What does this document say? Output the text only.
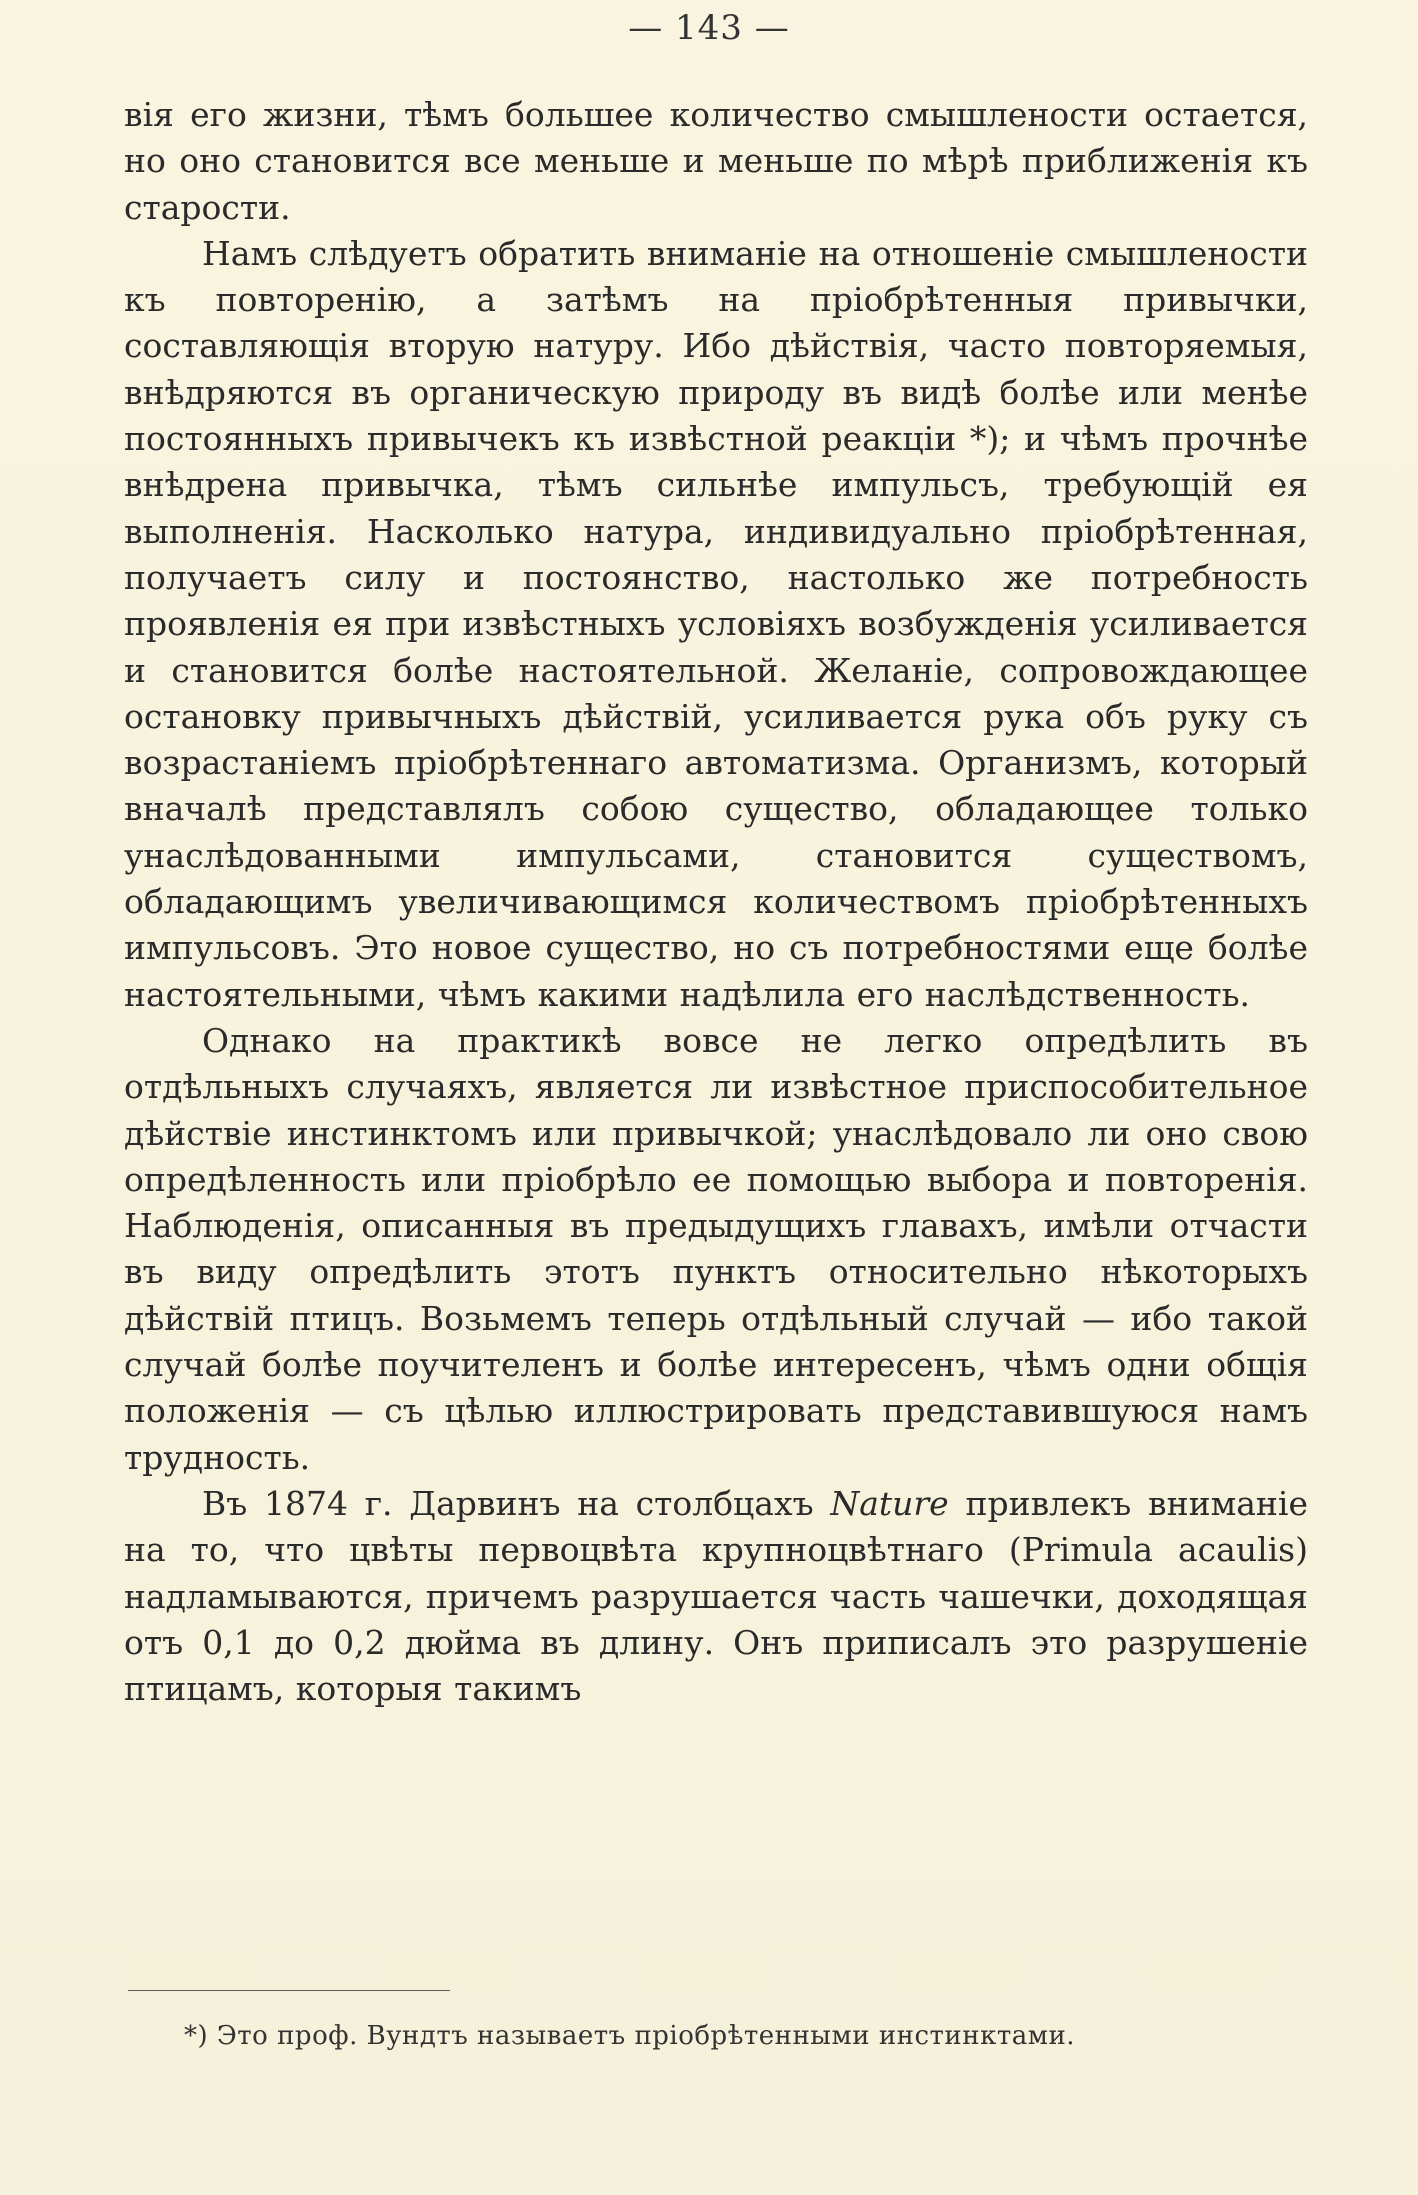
— 143 —

вія его жизни, тѣмъ большее количество смышлености остается, но оно становится все меньше и меньше по мѣрѣ приближенія къ старости.

Намъ слѣдуетъ обратить вниманіе на отношеніе смышлености къ повторенію, а затѣмъ на пріобрѣтенныя привычки, составляющія вторую натуру. Ибо дѣйствія, часто повторяемыя, внѣдряются въ органическую природу въ видѣ болѣе или менѣе постоянныхъ привычекъ къ извѣстной реакціи *); и чѣмъ прочнѣе внѣдрена привычка, тѣмъ сильнѣе импульсъ, требующій ея выполненія. Насколько натура, индивидуально пріобрѣтенная, получаетъ силу и постоянство, настолько же потребность проявленія ея при извѣстныхъ условіяхъ возбужденія усиливается и становится болѣе настоятельной. Желаніе, сопровождающее остановку привычныхъ дѣйствій, усиливается рука объ руку съ возрастаніемъ пріобрѣтеннаго автоматизма. Организмъ, который вначалѣ представлялъ собою существо, обладающее только унаслѣдованными импульсами, становится существомъ, обладающимъ увеличивающимся количествомъ пріобрѣтенныхъ импульсовъ. Это новое существо, но съ потребностями еще болѣе настоятельными, чѣмъ какими надѣлила его наслѣдственность.

Однако на практикѣ вовсе не легко опредѣлить въ отдѣльныхъ случаяхъ, является ли извѣстное приспособительное дѣйствіе инстинктомъ или привычкой; унаслѣдовало ли оно свою опредѣленность или пріобрѣло ее помощью выбора и повторенія. Наблюденія, описанныя въ предыдущихъ главахъ, имѣли отчасти въ виду опредѣлить этотъ пунктъ относительно нѣкоторыхъ дѣйствій птицъ. Возьмемъ теперь отдѣльный случай — ибо такой случай болѣе поучителенъ и болѣе интересенъ, чѣмъ одни общія положенія — съ цѣлью иллюстрировать представившуюся намъ трудность.

Въ 1874 г. Дарвинъ на столбцахъ Nature привлекъ вниманіе на то, что цвѣты первоцвѣта крупноцвѣтнаго (Primula acaulis) надламываются, причемъ разрушается часть чашечки, доходящая отъ 0,1 до 0,2 дюйма въ длину. Онъ приписалъ это разрушеніе птицамъ, которыя такимъ

*) Это проф. Вундтъ называетъ пріобрѣтенными инстинктами.
